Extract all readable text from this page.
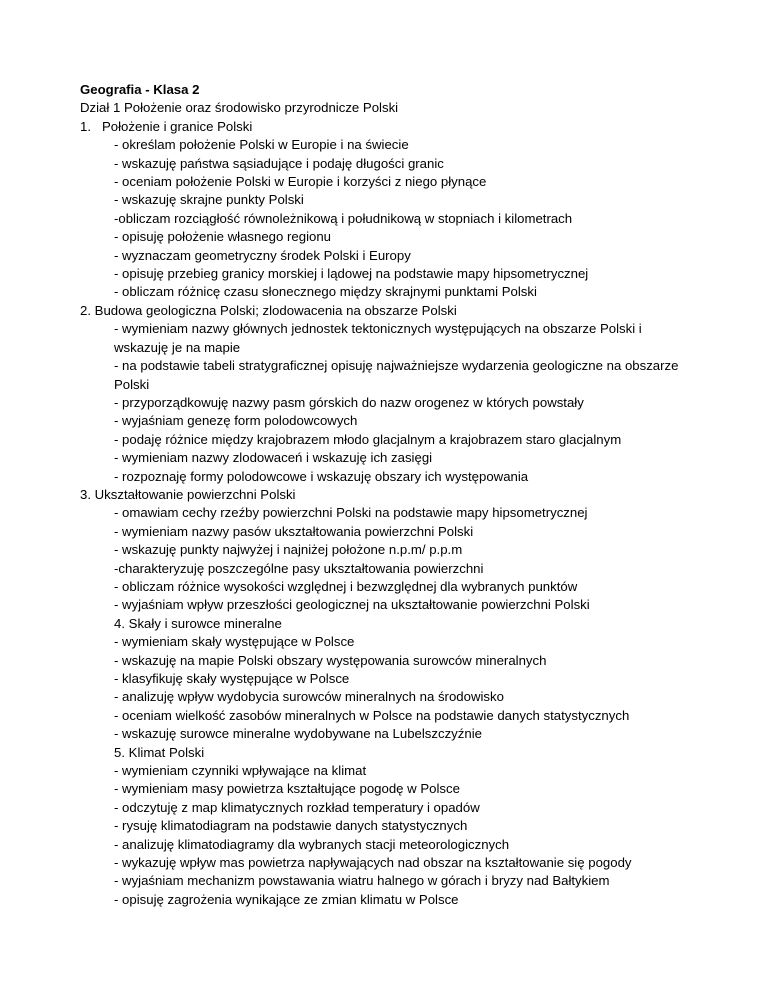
Geografia - Klasa 2

Dział 1 Położenie oraz środowisko przyrodnicze Polski

1. Położenie i granice Polski

- określam położenie Polski w Europie i na świecie

- wskazuję państwa sąsiadujące i podaję długości granic

- oceniam położenie Polski w Europie i korzyści z niego płynące

- wskazuję skrajne punkty Polski

-obliczam rozciągłość równoleżnikową i południkową w stopniach i kilometrach

- opisuję położenie własnego regionu

- wyznaczam geometryczny środek Polski i Europy

- opisuję przebieg granicy morskiej i lądowej na podstawie mapy hipsometrycznej

- obliczam różnicę czasu słonecznego między skrajnymi punktami Polski

2. Budowa geologiczna Polski; zlodowacenia na obszarze Polski

- wymieniam nazwy głównych jednostek tektonicznych występujących na obszarze Polski i

wskazuję je na mapie

- na podstawie tabeli stratygraficznej opisuję najważniejsze wydarzenia geologiczne na obszarze

Polski

- przyporządkowuję nazwy pasm górskich do nazw orogenez w których powstały

- wyjaśniam genezę form polodowcowych

- podaję różnice między krajobrazem młodo glacjalnym a krajobrazem staro glacjalnym

- wymieniam nazwy zlodowaceń i wskazuję ich zasięgi

- rozpoznaję formy polodowcowe i wskazuję obszary ich występowania

3. Ukształtowanie powierzchni Polski

- omawiam cechy rzeźby powierzchni Polski na podstawie mapy hipsometrycznej

- wymieniam nazwy pasów ukształtowania powierzchni Polski

- wskazuję punkty najwyżej i najniżej położone n.p.m/ p.p.m

-charakteryzuję poszczególne pasy ukształtowania powierzchni

- obliczam różnice wysokości względnej i bezwzględnej dla wybranych punktów

- wyjaśniam wpływ przeszłości geologicznej na ukształtowanie powierzchni Polski

4. Skały i surowce mineralne

- wymieniam skały występujące w Polsce

- wskazuję na mapie Polski obszary występowania surowców mineralnych

- klasyfikuję skały występujące w Polsce

- analizuję wpływ wydobycia surowców mineralnych na środowisko

- oceniam wielkość zasobów mineralnych w Polsce na podstawie danych statystycznych

- wskazuję surowce mineralne wydobywane na Lubelszczyźnie

5. Klimat Polski

- wymieniam czynniki wpływające na klimat

- wymieniam masy powietrza kształtujące pogodę w Polsce

- odczytuję z map klimatycznych rozkład temperatury i opadów

- rysuję klimatodiagram na podstawie danych statystycznych

- analizuję klimatodiagramy dla wybranych stacji meteorologicznych

- wykazuję wpływ mas powietrza napływających nad obszar na kształtowanie się pogody

- wyjaśniam mechanizm powstawania wiatru halnego w górach i bryzy nad Bałtykiem

- opisuję zagrożenia wynikające ze zmian klimatu w Polsce
